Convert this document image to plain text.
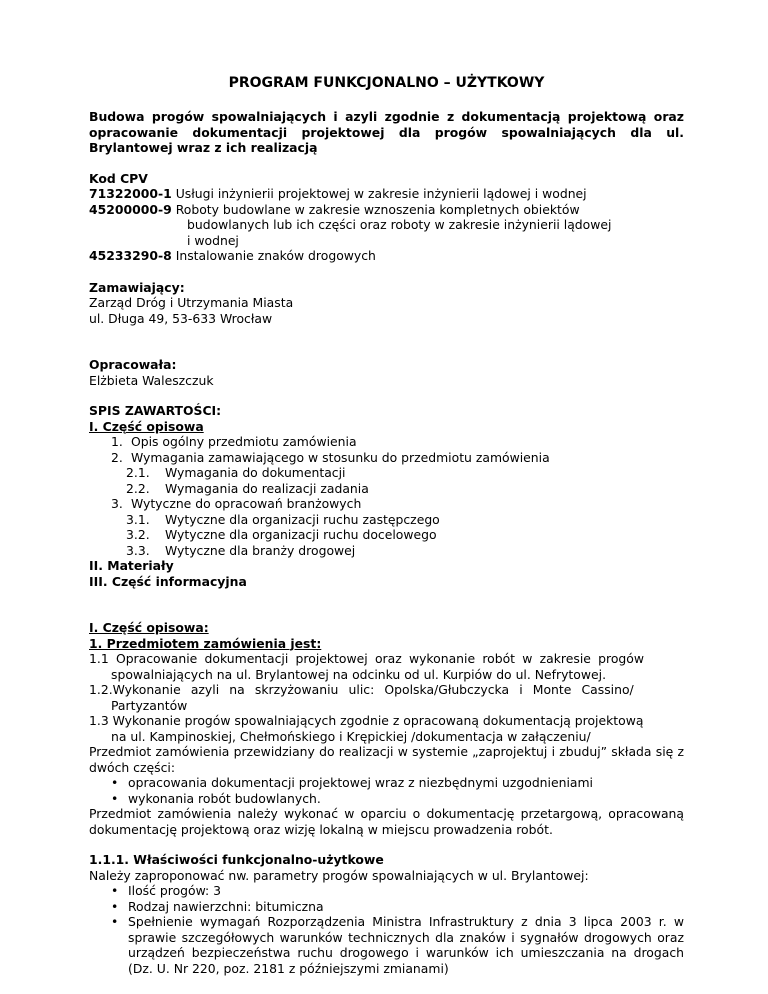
PROGRAM FUNKCJONALNO – UŻYTKOWY
Budowa progów spowalniających i azyli zgodnie z dokumentacją projektową oraz opracowanie dokumentacji projektowej dla progów spowalniających dla ul. Brylantowej wraz z ich realizacją
Kod CPV
71322000-1 Usługi inżynierii projektowej w zakresie inżynierii lądowej i wodnej
45200000-9 Roboty budowlane w zakresie wznoszenia kompletnych obiektów
budowlanych lub ich części oraz roboty w zakresie inżynierii lądowej
i wodnej
45233290-8 Instalowanie znaków drogowych
Zamawiający:
Zarząd Dróg i Utrzymania Miasta
ul. Długa 49, 53-633 Wrocław
Opracowała:
Elżbieta Waleszczuk
SPIS ZAWARTOŚCI:
I. Część opisowa
1. Opis ogólny przedmiotu zamówienia
2. Wymagania zamawiającego w stosunku do przedmiotu zamówienia
2.1. Wymagania do dokumentacji
2.2. Wymagania do realizacji zadania
3. Wytyczne do opracowań branżowych
3.1. Wytyczne dla organizacji ruchu zastępczego
3.2. Wytyczne dla organizacji ruchu docelowego
3.3. Wytyczne dla branży drogowej
II. Materiały
III. Część informacyjna
I. Część opisowa:
1. Przedmiotem zamówienia jest:
1.1 Opracowanie dokumentacji projektowej oraz wykonanie robót w zakresie progów
spowalniających na ul. Brylantowej na odcinku od ul. Kurpiów do ul. Nefrytowej.
1.2.Wykonanie azyli na skrzyżowaniu ulic: Opolska/Głubczycka i Monte Cassino/
Partyzantów
1.3 Wykonanie progów spowalniających zgodnie z opracowaną dokumentacją projektową
na ul. Kampinoskiej, Chełmońskiego i Krępickiej /dokumentacja w załączeniu/
Przedmiot zamówienia przewidziany do realizacji w systemie „zaprojektuj i zbuduj” składa się z dwóch części:
• opracowania dokumentacji projektowej wraz z niezbędnymi uzgodnieniami
• wykonania robót budowlanych.
Przedmiot zamówienia należy wykonać w oparciu o dokumentację przetargową, opracowaną dokumentację projektową oraz wizję lokalną w miejscu prowadzenia robót.
1.1.1. Właściwości funkcjonalno-użytkowe
Należy zaproponować nw. parametry progów spowalniających w ul. Brylantowej:
• Ilość progów: 3
• Rodzaj nawierzchni: bitumiczna
• Spełnienie wymagań Rozporządzenia Ministra Infrastruktury z dnia 3 lipca 2003 r. w sprawie szczegółowych warunków technicznych dla znaków i sygnałów drogowych oraz urządzeń bezpieczeństwa ruchu drogowego i warunków ich umieszczania na drogach (Dz. U. Nr 220, poz. 2181 z późniejszymi zmianami)
